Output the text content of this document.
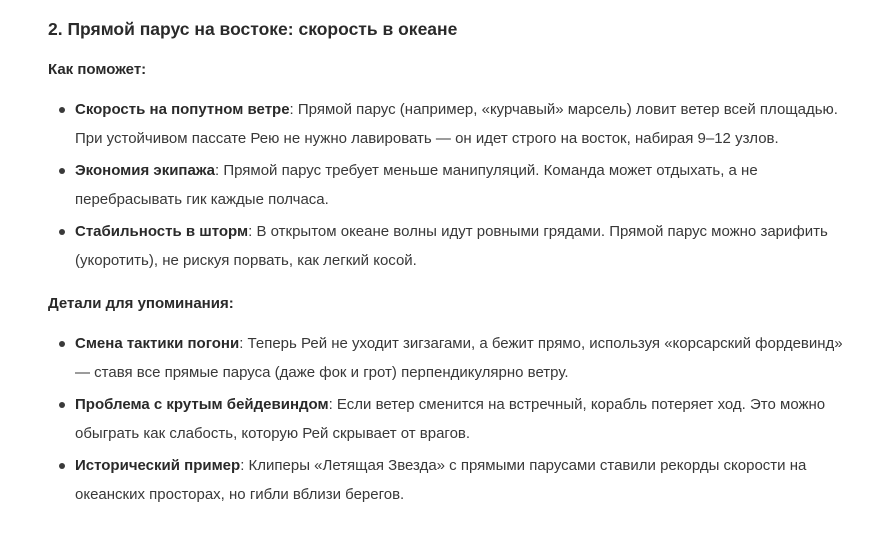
2. Прямой парус на востоке: скорость в океане

Как поможет:

Скорость на попутном ветре: Прямой парус (например, «курчавый» марсель) ловит ветер всей площадью. При устойчивом пассате Рею не нужно лавировать — он идет строго на восток, набирая 9–12 узлов.
Экономия экипажа: Прямой парус требует меньше манипуляций. Команда может отдыхать, а не перебрасывать гик каждые полчаса.
Стабильность в шторм: В открытом океане волны идут ровными грядами. Прямой парус можно зарифить (укоротить), не рискуя порвать, как легкий косой.

Детали для упоминания:

Смена тактики погони: Теперь Рей не уходит зигзагами, а бежит прямо, используя «корсарский фордевинд» — ставя все прямые паруса (даже фок и грот) перпендикулярно ветру.
Проблема с крутым бейдевиндом: Если ветер сменится на встречный, корабль потеряет ход. Это можно обыграть как слабость, которую Рей скрывает от врагов.
Исторический пример: Клиперы «Летящая Звезда» с прямыми парусами ставили рекорды скорости на океанских просторах, но гибли вблизи берегов.
